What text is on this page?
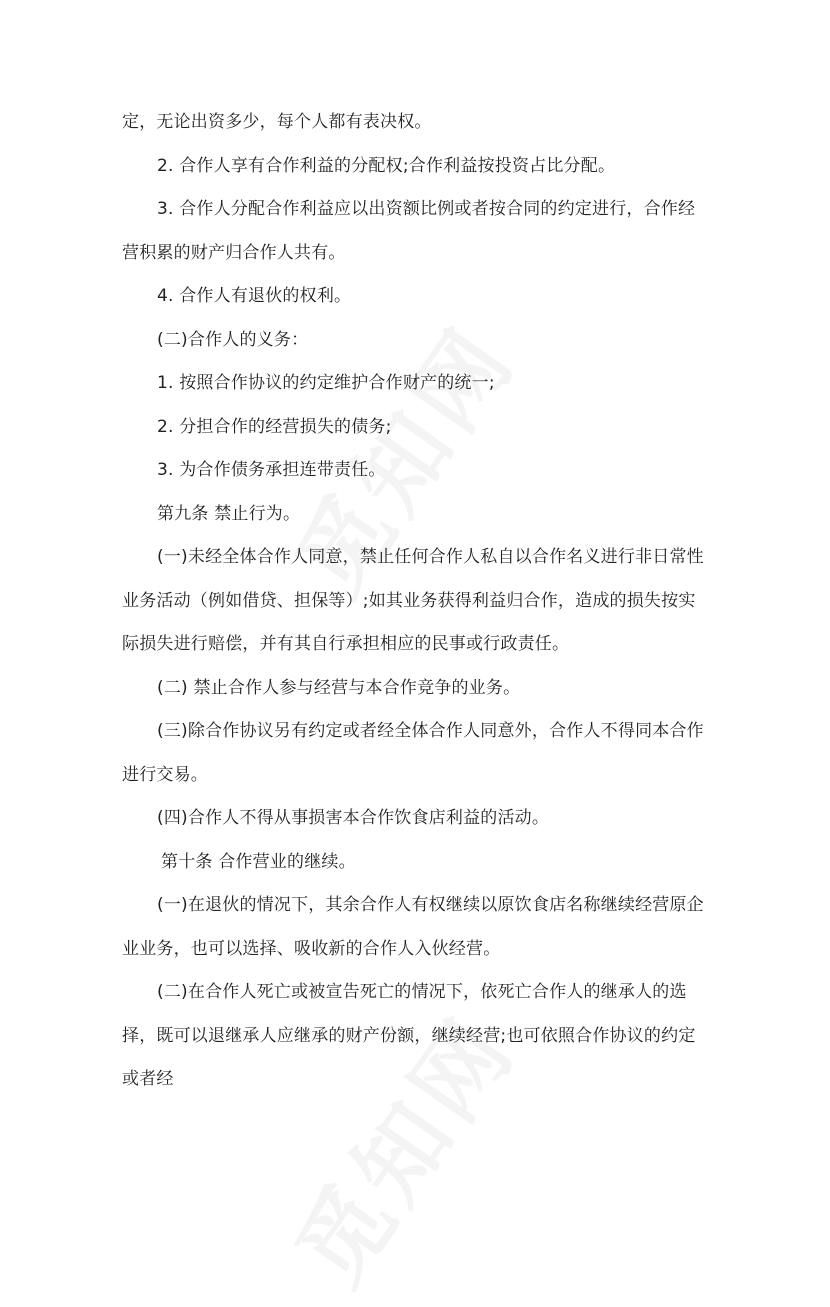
定，无论出资多少，每个人都有表决权。

2. 合作人享有合作利益的分配权;合作利益按投资占比分配。

3. 合作人分配合作利益应以出资额比例或者按合同的约定进行，合作经营积累的财产归合作人共有。

4. 合作人有退伙的权利。

(二)合作人的义务：

1. 按照合作协议的约定维护合作财产的统一;

2. 分担合作的经营损失的债务;

3. 为合作债务承担连带责任。

第九条 禁止行为。

(一)未经全体合作人同意，禁止任何合作人私自以合作名义进行非日常性业务活动（例如借贷、担保等）;如其业务获得利益归合作，造成的损失按实际损失进行赔偿，并有其自行承担相应的民事或行政责任。

(二) 禁止合作人参与经营与本合作竞争的业务。

(三)除合作协议另有约定或者经全体合作人同意外，合作人不得同本合作进行交易。

(四)合作人不得从事损害本合作饮食店利益的活动。

第十条 合作营业的继续。

(一)在退伙的情况下，其余合作人有权继续以原饮食店名称继续经营原企业业务，也可以选择、吸收新的合作人入伙经营。

(二)在合作人死亡或被宣告死亡的情况下，依死亡合作人的继承人的选择，既可以退继承人应继承的财产份额，继续经营;也可依照合作协议的约定或者经
